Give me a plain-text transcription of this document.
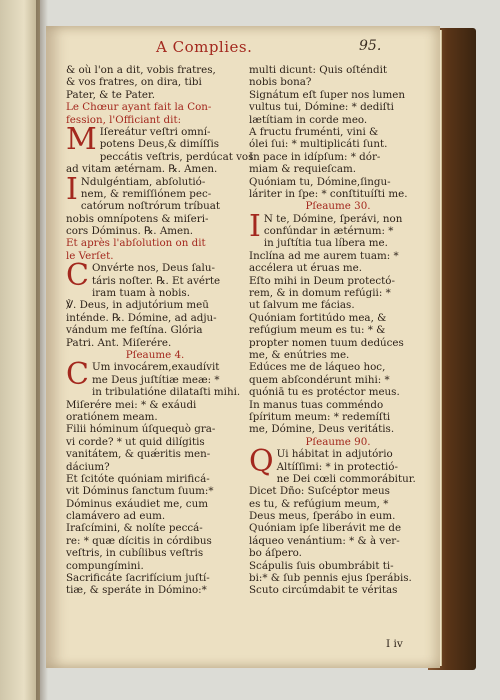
A Complies.	95.
& où l'on a dit, vobis fratres,
& vos fratres, on dira, tibi
Pater, & te Pater.
Le Chœur ayant fait la Con-
fession, l'Officiant dit:
M Iſereátur veſtri omní-
potens Deus,& dimíſſis
peccátis veſtris, perdúcat vos
ad vitam ætérnam. ℞. Amen.
I Ndulgéntiam, abſolutió-
nem, & remiſſiónem pec-
catórum noſtrórum tríbuat
nobis omnípotens & miſeri-
cors Dóminus. ℞. Amen.
Et après l'abſolution on dit
le Verſet.
C Onvérte nos, Deus ſalu-
táris noſter. ℞. Et avérte
iram tuam à nobis.
℣. Deus, in adjutórium meū
inténde. ℞. Dómine, ad adju-
vándum me feſtína. Glória
Patri. Ant. Miſerére.
Pſeaume 4.
C Um invocárem,exaudívit
me Deus juſtítiæ meæ: *
in tribulatióne dilataſti mihi.
Miſerére mei: * & exáudi
oratiónem meam.
Filii hóminum úſquequò gra-
vi corde? * ut quid dilígitis
vanitátem, & quǽritis men-
dácium?
Et ſcitóte quóniam mirificá-
vit Dóminus ſanctum ſuum:*
Dóminus exáudiet me, cum
clamávero ad eum.
Iraſcímini, & nolíte peccá-
re: * quæ dícitis in córdibus
veſtris, in cubílibus veſtris
compungímini.
Sacrificáte ſacrifícium juſtí-
tiæ, & speráte in Dómino:*
multi dicunt: Quis oſténdit
nobis bona?
Signátum eſt ſuper nos lumen
vultus tui, Dómine: * dediſti
lætítiam in corde meo.
A fructu fruménti, vini &
ólei ſui: * multiplicáti ſunt.
In pace in idípſum: * dór-
miam & requieſcam.
Quóniam tu, Dómine,ſingu-
láriter in ſpe: * conſtituíſti me.
Pſeaume 30.
I N te, Dómine, ſperávi, non
confúndar in ætérnum: *
in juſtítia tua líbera me.
Inclína ad me aurem tuam: *
accélera ut éruas me.
Eſto mihi in Deum protectó-
rem, & in domum refúgii: *
ut ſalvum me fácias.
Quóniam fortitúdo mea, &
refúgium meum es tu: * &
propter nomen tuum dedúces
me, & enútries me.
Edúces me de láqueo hoc,
quem abſcondérunt mihi: *
quóniā tu es protéctor meus.
In manus tuas comméndo
ſpíritum meum: * redemíſti
me, Dómine, Deus veritátis.
Pſeaume 90.
Q Ui hábitat in adjutório
Altíſſimi: * in protectió-
ne Dei cœli commorábitur.
Dicet Dño: Suſcéptor meus
es tu, & refúgium meum, *
Deus meus, ſperábo in eum.
Quóniam ipſe liberávit me de
láqueo venántium: * & à ver-
bo áſpero.
Scápulis ſuis obumbrábit ti-
bi:* & ſub pennis ejus ſperábis.
Scuto circúmdabit te véritas
I iv
